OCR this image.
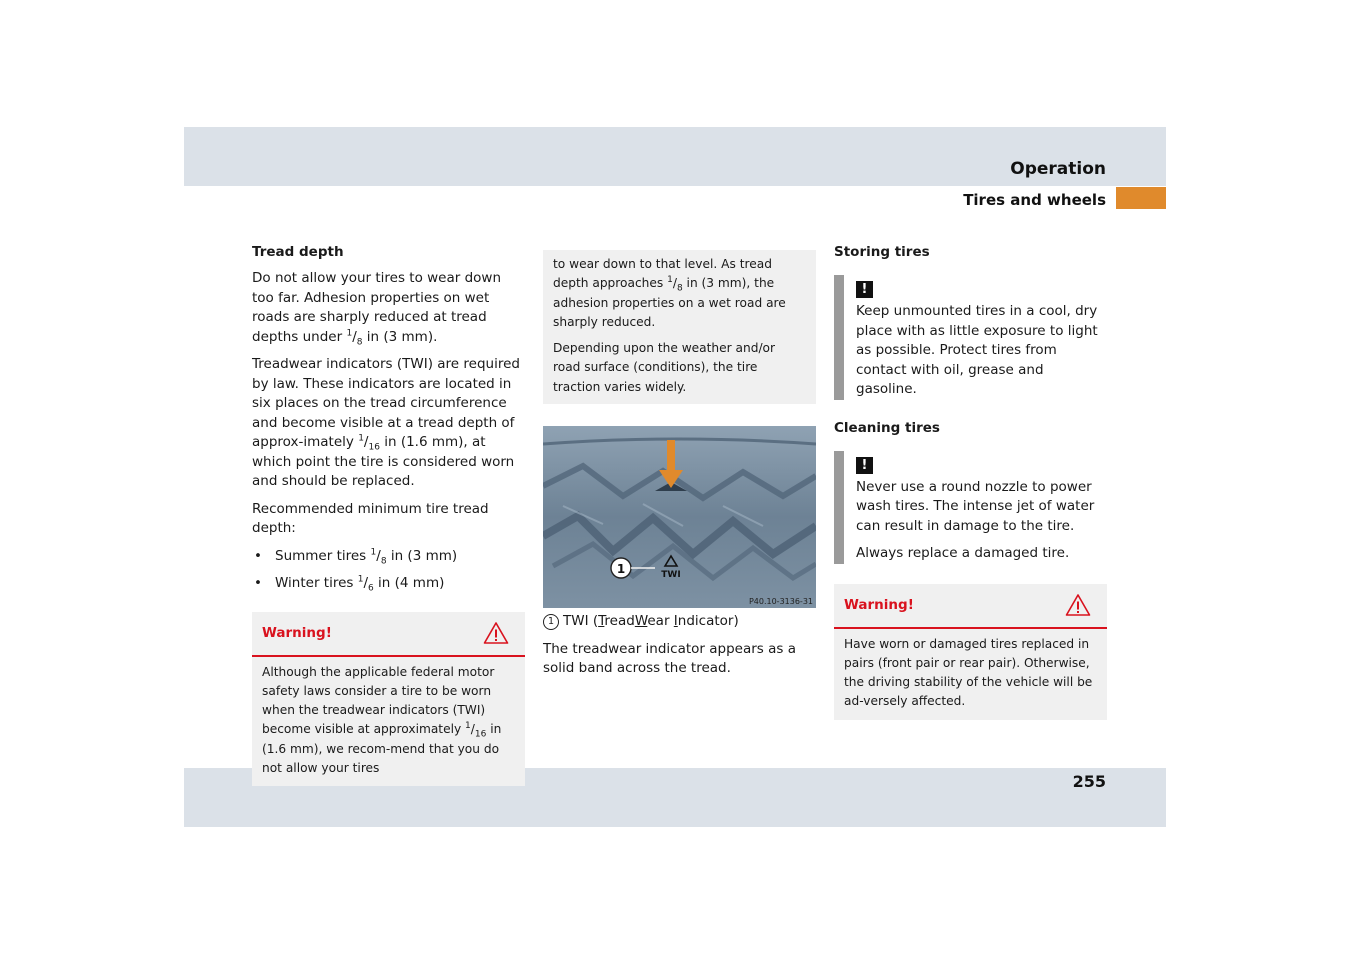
Operation
Tires and wheels
255
Tread depth

Do not allow your tires to wear down too far. Adhesion properties on wet roads are sharply reduced at tread depths under $^1/_8$ in (3 mm).

Treadwear indicators (TWI) are required by law. These indicators are located in six places on the tread circumference and become visible at a tread depth of approx-imately $^1/_{16}$ in (1.6 mm), at which point the tire is considered worn and should be replaced.

Recommended minimum tire tread depth:

• Summer tires $^1/_8$ in (3 mm)
• Winter tires $^1/_6$ in (4 mm)
Warning!

Although the applicable federal motor safety laws consider a tire to be worn when the treadwear indicators (TWI) become visible at approximately $^1/_{16}$ in (1.6 mm), we recom-mend that you do not allow your tires

to wear down to that level. As tread depth approaches $^1/_8$ in (3 mm), the adhesion properties on a wet road are sharply reduced.

Depending upon the weather and/or road surface (conditions), the tire traction varies widely.

1	TWI
P40.10-3136-31

1 TWI (TreadWear Indicator)

The treadwear indicator appears as a solid band across the tread.

Storing tires
!

Keep unmounted tires in a cool, dry place with as little exposure to light as possible. Protect tires from contact with oil, grease and gasoline.

Cleaning tires
!

Never use a round nozzle to power wash tires. The intense jet of water can result in damage to the tire.

Always replace a damaged tire.

Warning!

Have worn or damaged tires replaced in pairs (front pair or rear pair). Otherwise, the driving stability of the vehicle will be ad-versely affected.
